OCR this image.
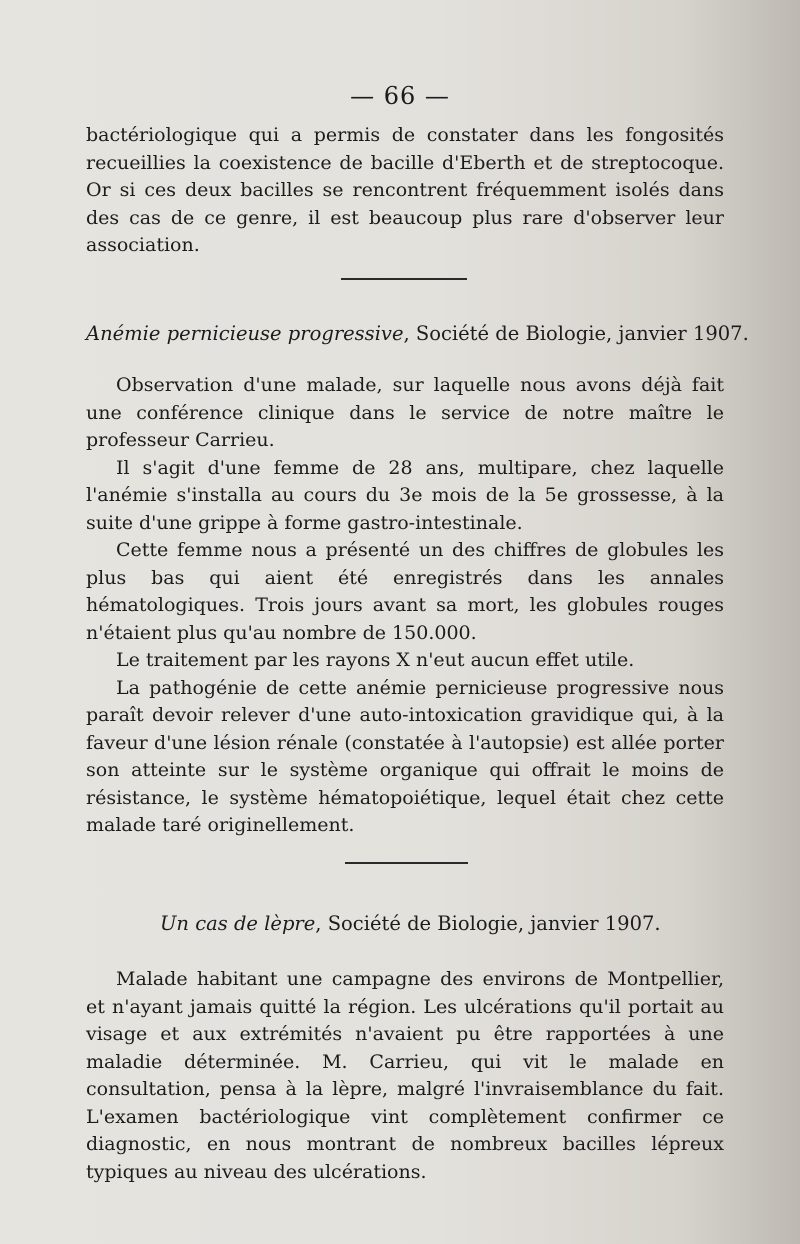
— 66 —

bactériologique qui a permis de constater dans les fongosités recueillies la coexistence de bacille d'Eberth et de streptocoque. Or si ces deux bacilles se rencontrent fréquemment isolés dans des cas de ce genre, il est beaucoup plus rare d'observer leur association.

Anémie pernicieuse progressive, Société de Biologie, janvier 1907.

Observation d'une malade, sur laquelle nous avons déjà fait une conférence clinique dans le service de notre maître le professeur Carrieu.

Il s'agit d'une femme de 28 ans, multipare, chez laquelle l'anémie s'installa au cours du 3e mois de la 5e grossesse, à la suite d'une grippe à forme gastro-intestinale.

Cette femme nous a présenté un des chiffres de globules les plus bas qui aient été enregistrés dans les annales hématologiques. Trois jours avant sa mort, les globules rouges n'étaient plus qu'au nombre de 150.000.

Le traitement par les rayons X n'eut aucun effet utile.

La pathogénie de cette anémie pernicieuse progressive nous paraît devoir relever d'une auto-intoxication gravidique qui, à la faveur d'une lésion rénale (constatée à l'autopsie) est allée porter son atteinte sur le système organique qui offrait le moins de résistance, le système hématopoiétique, lequel était chez cette malade taré originellement.

Un cas de lèpre, Société de Biologie, janvier 1907.

Malade habitant une campagne des environs de Montpellier, et n'ayant jamais quitté la région. Les ulcérations qu'il portait au visage et aux extrémités n'avaient pu être rapportées à une maladie déterminée. M. Carrieu, qui vit le malade en consultation, pensa à la lèpre, malgré l'invraisemblance du fait. L'examen bactériologique vint complètement confirmer ce diagnostic, en nous montrant de nombreux bacilles lépreux typiques au niveau des ulcérations.
